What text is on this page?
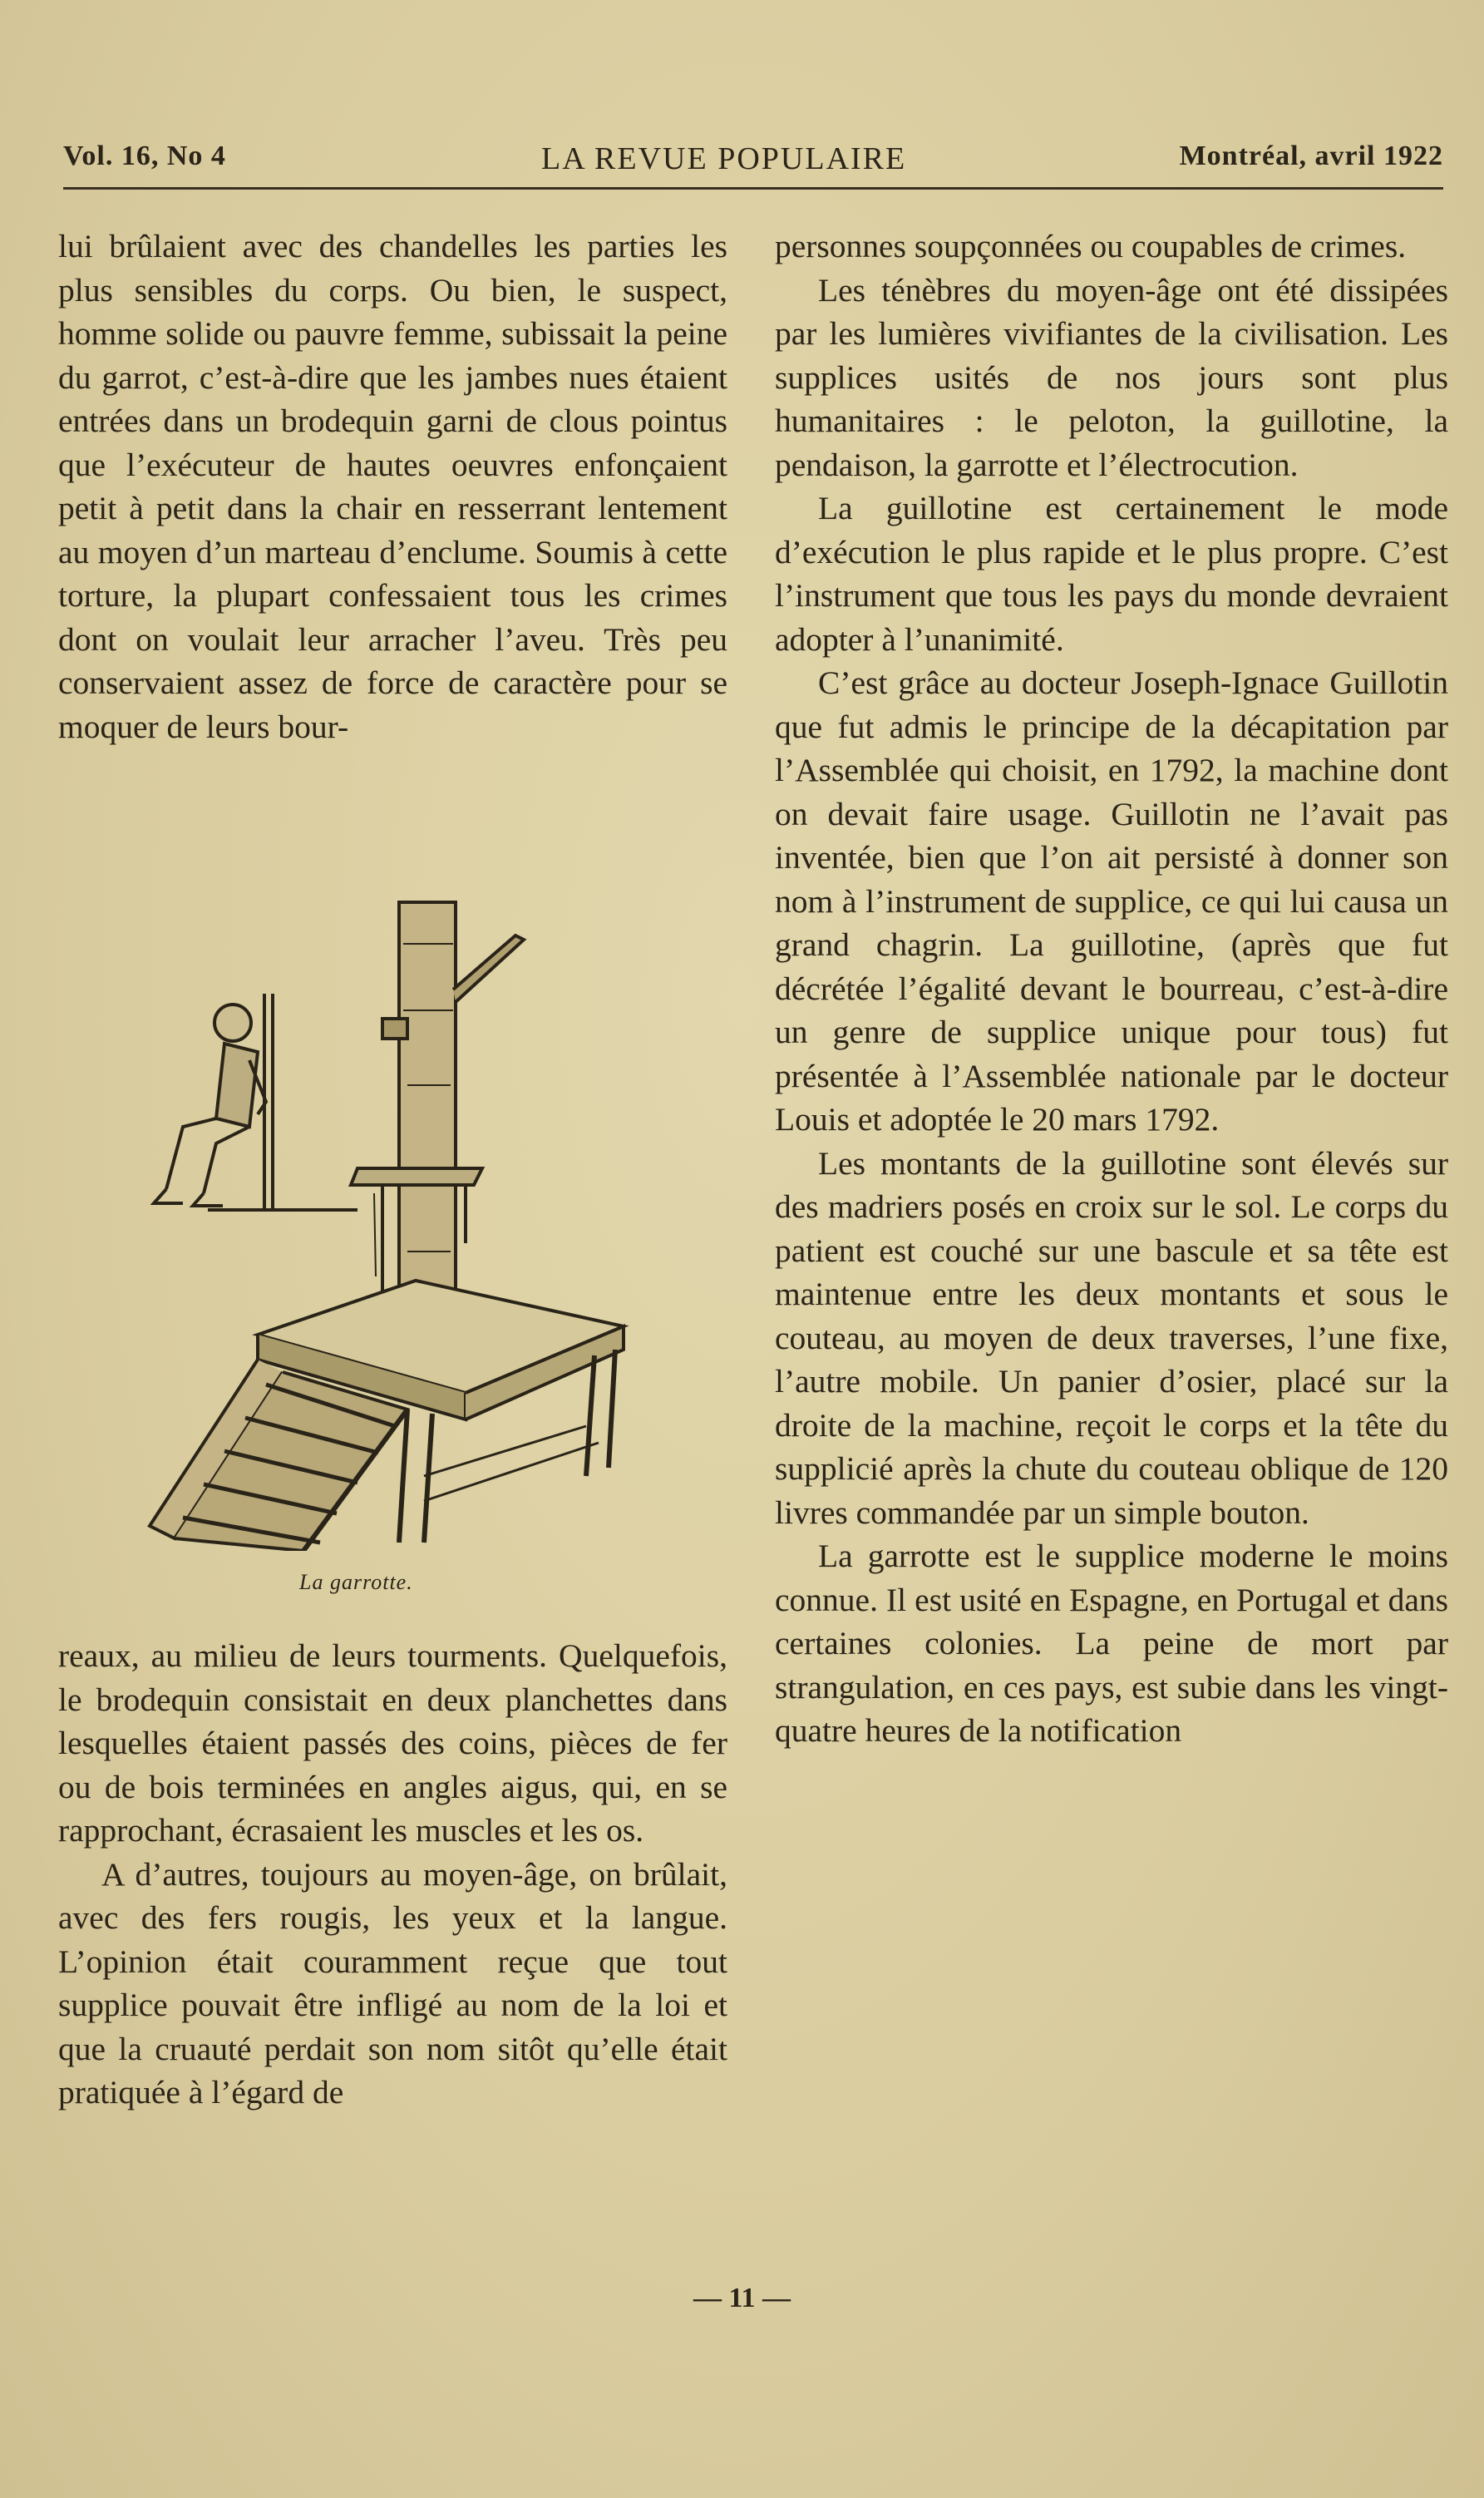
Vol. 16, No 4	LA REVUE POPULAIRE	Montréal, avril 1922

lui brûlaient avec des chandelles les parties les plus sensibles du corps. Ou bien, le suspect, homme solide ou pauvre femme, subissait la peine du garrot, c’est-à-dire que les jambes nues étaient entrées dans un brodequin garni de clous pointus que l’exécuteur de hautes oeuvres enfonçaient petit à petit dans la chair en resserrant lentement au moyen d’un marteau d’enclume. Soumis à cette torture, la plupart confessaient tous les crimes dont on voulait leur arracher l’aveu. Très peu conservaient assez de force de caractère pour se moquer de leurs bour-

La garrotte.

reaux, au milieu de leurs tourments. Quelquefois, le brodequin consistait en deux planchettes dans lesquelles étaient passés des coins, pièces de fer ou de bois terminées en angles aigus, qui, en se rapprochant, écrasaient les muscles et les os.

A d’autres, toujours au moyen-âge, on brûlait, avec des fers rougis, les yeux et la langue. L’opinion était couramment reçue que tout supplice pouvait être infligé au nom de la loi et que la cruauté perdait son nom sitôt qu’elle était pratiquée à l’égard de

personnes soupçonnées ou coupables de crimes.

Les ténèbres du moyen-âge ont été dissipées par les lumières vivifiantes de la civilisation. Les supplices usités de nos jours sont plus humanitaires : le peloton, la guillotine, la pendaison, la garrotte et l’électrocution.

La guillotine est certainement le mode d’exécution le plus rapide et le plus propre. C’est l’instrument que tous les pays du monde devraient adopter à l’unanimité.

C’est grâce au docteur Joseph-Ignace Guillotin que fut admis le principe de la décapitation par l’Assemblée qui choisit, en 1792, la machine dont on devait faire usage. Guillotin ne l’avait pas inventée, bien que l’on ait persisté à donner son nom à l’instrument de supplice, ce qui lui causa un grand chagrin. La guillotine, (après que fut décrétée l’égalité devant le bourreau, c’est-à-dire un genre de supplice unique pour tous) fut présentée à l’Assemblée nationale par le docteur Louis et adoptée le 20 mars 1792.

Les montants de la guillotine sont élevés sur des madriers posés en croix sur le sol. Le corps du patient est couché sur une bascule et sa tête est maintenue entre les deux montants et sous le couteau, au moyen de deux traverses, l’une fixe, l’autre mobile. Un panier d’osier, placé sur la droite de la machine, reçoit le corps et la tête du supplicié après la chute du couteau oblique de 120 livres commandée par un simple bouton.

La garrotte est le supplice moderne le moins connue. Il est usité en Espagne, en Portugal et dans certaines colonies. La peine de mort par strangulation, en ces pays, est subie dans les vingt-quatre heures de la notification

— 11 —
